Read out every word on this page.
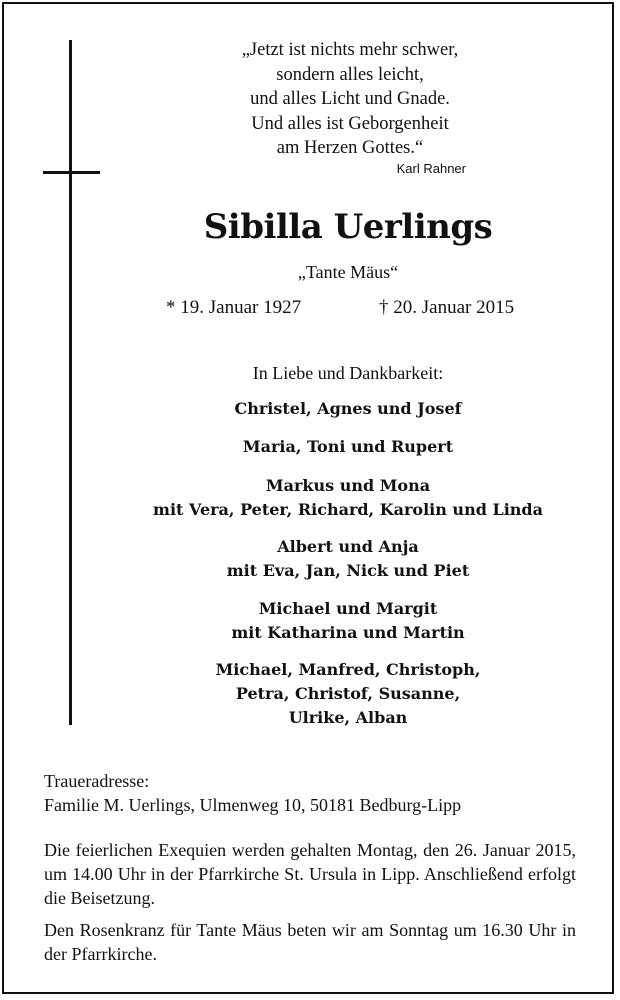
„Jetzt ist nichts mehr schwer,
sondern alles leicht,
und alles Licht und Gnade.
Und alles ist Geborgenheit
am Herzen Gottes.“
Karl Rahner
Sibilla Uerlings
„Tante Mäus“
* 19. Januar 1927	† 20. Januar 2015
In Liebe und Dankbarkeit:
Christel, Agnes und Josef
Maria, Toni und Rupert
Markus und Mona
mit Vera, Peter, Richard, Karolin und Linda
Albert und Anja
mit Eva, Jan, Nick und Piet
Michael und Margit
mit Katharina und Martin
Michael, Manfred, Christoph,
Petra, Christof, Susanne,
Ulrike, Alban
Traueradresse:
Familie M. Uerlings, Ulmenweg 10, 50181 Bedburg-Lipp
Die feierlichen Exequien werden gehalten Montag, den 26. Januar 2015, um 14.00 Uhr in der Pfarrkirche St. Ursula in Lipp. Anschließend erfolgt die Beisetzung.
Den Rosenkranz für Tante Mäus beten wir am Sonntag um 16.30 Uhr in der Pfarrkirche.
